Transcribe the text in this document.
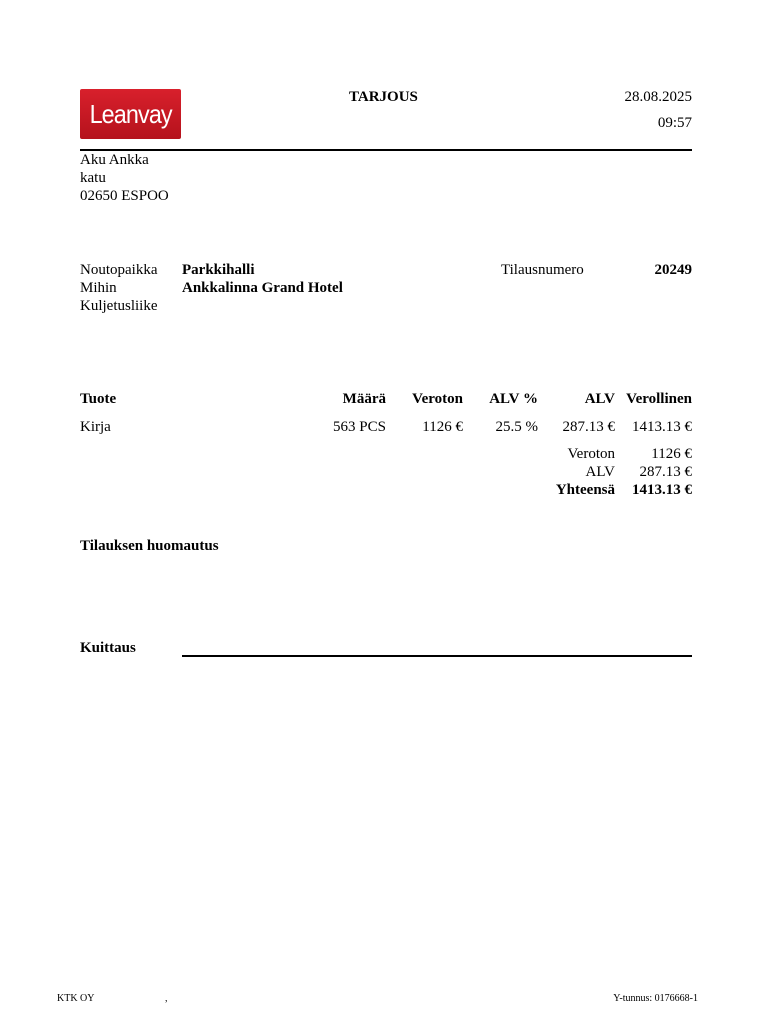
Leanvay
TARJOUS	28.08.2025
09:57
Aku Ankka
katu
02650 ESPOO
Noutopaikka Parkkihalli
Mihin	Ankkalinna Grand Hotel
Kuljetusliike
Tilausnumero	20249
Tuote	Määrä Veroton ALV %	ALV Verollinen
Kirja	563 PCS 1126 € 25.5 % 287.13 € 1413.13 €
Veroton 1126 €
ALV 287.13 €
Yhteensä 1413.13 €
Tilauksen huomautus
Kuittaus
KTK OY	,	Y-tunnus: 0176668-1
